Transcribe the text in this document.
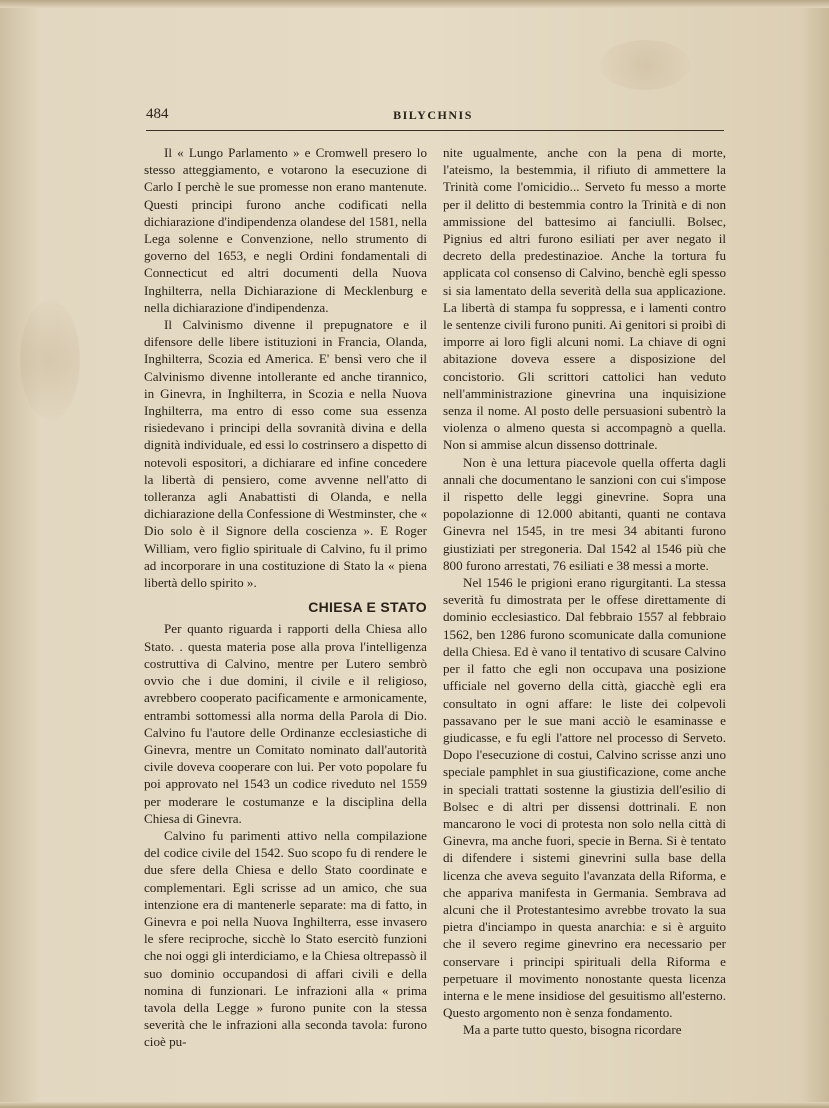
484	BILYCHNIS

Il « Lungo Parlamento » e Cromwell presero lo stesso atteggiamento, e votarono la esecuzione di Carlo I perchè le sue promesse non erano mantenute. Questi principi furono anche codificati nella dichiarazione d'indipendenza olandese del 1581, nella Lega solenne e Convenzione, nello strumento di governo del 1653, e negli Ordini fondamentali di Connecticut ed altri documenti della Nuova Inghilterra, nella Dichiarazione di Mecklenburg e nella dichiarazione d'indipendenza.

Il Calvinismo divenne il prepugnatore e il difensore delle libere istituzioni in Francia, Olanda, Inghilterra, Scozia ed America. E' bensì vero che il Calvinismo divenne intollerante ed anche tirannico, in Ginevra, in Inghilterra, in Scozia e nella Nuova Inghilterra, ma entro di esso come sua essenza risiedevano i principi della sovranità divina e della dignità individuale, ed essi lo costrinsero a dispetto di notevoli espositori, a dichiarare ed infine concedere la libertà di pensiero, come avvenne nell'atto di tolleranza agli Anabattisti di Olanda, e nella dichiarazione della Confessione di Westminster, che « Dio solo è il Signore della coscienza ». E Roger William, vero figlio spirituale di Calvino, fu il primo ad incorporare in una costituzione di Stato la « piena libertà dello spirito ».

CHIESA E STATO

Per quanto riguarda i rapporti della Chiesa allo Stato. . questa materia pose alla prova l'intelligenza costruttiva di Calvino, mentre per Lutero sembrò ovvio che i due domini, il civile e il religioso, avrebbero cooperato pacificamente e armonicamente, entrambi sottomessi alla norma della Parola di Dio. Calvino fu l'autore delle Ordinanze ecclesiastiche di Ginevra, mentre un Comitato nominato dall'autorità civile doveva cooperare con lui. Per voto popolare fu poi approvato nel 1543 un codice riveduto nel 1559 per moderare le costumanze e la disciplina della Chiesa di Ginevra.

Calvino fu parimenti attivo nella compilazione del codice civile del 1542. Suo scopo fu di rendere le due sfere della Chiesa e dello Stato coordinate e complementari. Egli scrisse ad un amico, che sua intenzione era di mantenerle separate: ma di fatto, in Ginevra e poi nella Nuova Inghilterra, esse invasero le sfere reciproche, sicchè lo Stato esercitò funzioni che noi oggi gli interdiciamo, e la Chiesa oltrepassò il suo dominio occupandosi di affari civili e della nomina di funzionari. Le infrazioni alla « prima tavola della Legge » furono punite con la stessa severità che le infrazioni alla seconda tavola: furono cioè pu-

nite ugualmente, anche con la pena di morte, l'ateismo, la bestemmia, il rifiuto di ammettere la Trinità come l'omicidio... Serveto fu messo a morte per il delitto di bestemmia contro la Trinità e di non ammissione del battesimo ai fanciulli. Bolsec, Pignius ed altri furono esiliati per aver negato il decreto della predestinazioe. Anche la tortura fu applicata col consenso di Calvino, benchè egli spesso si sia lamentato della severità della sua applicazione. La libertà di stampa fu soppressa, e i lamenti contro le sentenze civili furono puniti. Ai genitori si proibì di imporre ai loro figli alcuni nomi. La chiave di ogni abitazione doveva essere a disposizione del concistorio. Gli scrittori cattolici han veduto nell'amministrazione ginevrina una inquisizione senza il nome. Al posto delle persuasioni subentrò la violenza o almeno questa si accompagnò a quella. Non si ammise alcun dissenso dottrinale.

Non è una lettura piacevole quella offerta dagli annali che documentano le sanzioni con cui s'impose il rispetto delle leggi ginevrine. Sopra una popolazionne di 12.000 abitanti, quanti ne contava Ginevra nel 1545, in tre mesi 34 abitanti furono giustiziati per stregoneria. Dal 1542 al 1546 più che 800 furono arrestati, 76 esiliati e 38 messi a morte.

Nel 1546 le prigioni erano rigurgitanti. La stessa severità fu dimostrata per le offese direttamente di dominio ecclesiastico. Dal febbraio 1557 al febbraio 1562, ben 1286 furono scomunicate dalla comunione della Chiesa. Ed è vano il tentativo di scusare Calvino per il fatto che egli non occupava una posizione ufficiale nel governo della città, giacchè egli era consultato in ogni affare: le liste dei colpevoli passavano per le sue mani acciò le esaminasse e giudicasse, e fu egli l'attore nel processo di Serveto. Dopo l'esecuzione di costui, Calvino scrisse anzi uno speciale pamphlet in sua giustificazione, come anche in speciali trattati sostenne la giustizia dell'esilio di Bolsec e di altri per dissensi dottrinali. E non mancarono le voci di protesta non solo nella città di Ginevra, ma anche fuori, specie in Berna. Si è tentato di difendere i sistemi ginevrini sulla base della licenza che aveva seguito l'avanzata della Riforma, e che appariva manifesta in Germania. Sembrava ad alcuni che il Protestantesimo avrebbe trovato la sua pietra d'inciampo in questa anarchia: e si è arguito che il severo regime ginevrino era necessario per conservare i principi spirituali della Riforma e perpetuare il movimento nonostante questa licenza interna e le mene insidiose del gesuitismo all'esterno. Questo argomento non è senza fondamento.

Ma a parte tutto questo, bisogna ricordare
